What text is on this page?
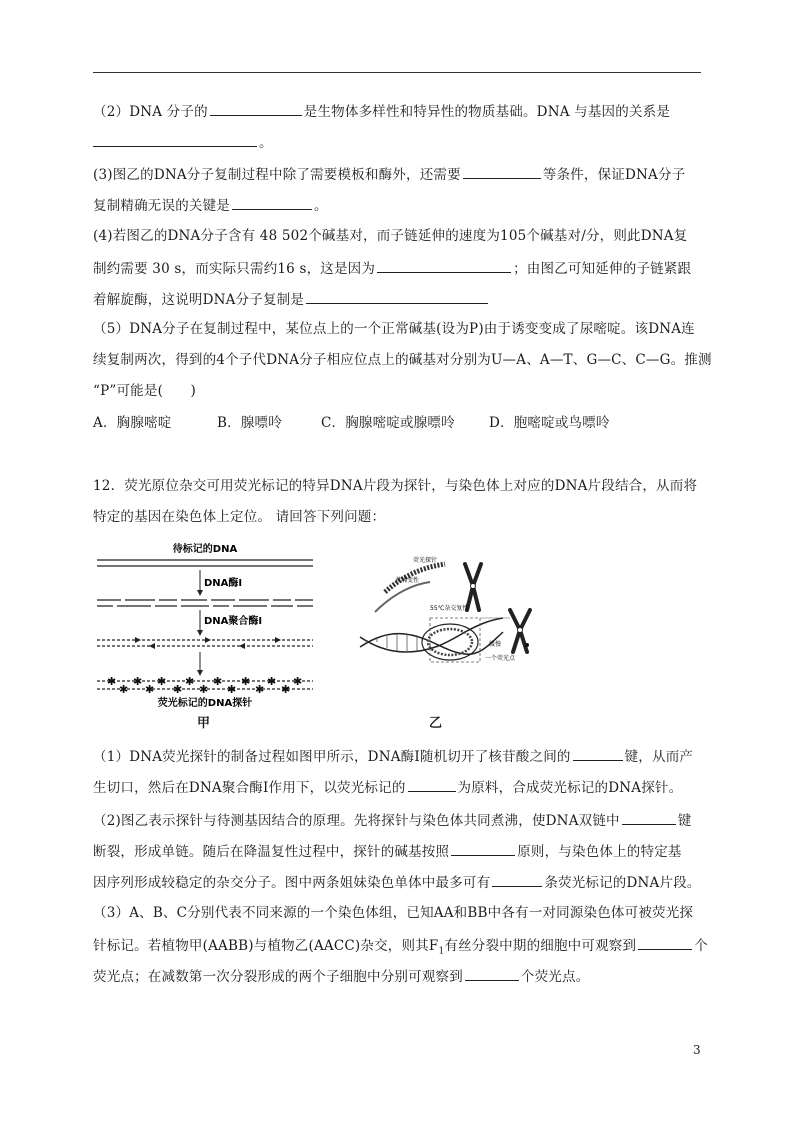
（2）DNA 分子的	是生物体多样性和特异性的物质基础。DNA 与基因的关系是
。
(3)图乙的DNA分子复制过程中除了需要模板和酶外，还需要	等条件，保证DNA分子
复制精确无误的关键是	。
(4)若图乙的DNA分子含有 48 502个碱基对，而子链延伸的速度为105个碱基对/分，则此DNA复
制约需要 30 s，而实际只需约16 s，这是因为	；由图乙可知延伸的子链紧跟
着解旋酶，这说明DNA分子复制是
（5）DNA分子在复制过程中，某位点上的一个正常碱基(设为P)由于诱变变成了尿嘧啶。该DNA连
续复制两次，得到的4个子代DNA分子相应位点上的碱基对分别为U—A、A—T、G—C、C—G。推测
“P”可能是(　　)
A．胸腺嘧啶	B．腺嘌呤	C．胸腺嘧啶或腺嘌呤	D．胞嘧啶或鸟嘌呤
12．荧光原位杂交可用荧光标记的特异DNA片段为探针，与染色体上对应的DNA片段结合，从而将
特定的基因在染色体上定位。 请回答下列问题：
待标记的DNA
DNA酶Ⅰ
DNA聚合酶Ⅰ
✱ ✱ ✱ ✱ ✱ ✱ ✱ ✱
✱ ✱ ✱ ✱ ✱ ✱ ✱
荧光标记的DNA探针
甲
荧光探针
煮沸变性
55℃杂交复性
缓慢
一个荧光点
乙
（1）DNA荧光探针的制备过程如图甲所示，DNA酶Ⅰ随机切开了核苷酸之间的	键，从而产
生切口，然后在DNA聚合酶Ⅰ作用下，以荧光标记的	为原料，合成荧光标记的DNA探针。
（2)图乙表示探针与待测基因结合的原理。先将探针与染色体共同煮沸，使DNA双链中	键
断裂，形成单链。随后在降温复性过程中，探针的碱基按照	原则，与染色体上的特定基
因序列形成较稳定的杂交分子。图中两条姐妹染色单体中最多可有	条荧光标记的DNA片段。
（3）A、B、C分别代表不同来源的一个染色体组，已知AA和BB中各有一对同源染色体可被荧光探
针标记。若植物甲(AABB)与植物乙(AACC)杂交，则其$F_1$有丝分裂中期的细胞中可观察到	个
荧光点；在减数第一次分裂形成的两个子细胞中分别可观察到	个荧光点。
3
